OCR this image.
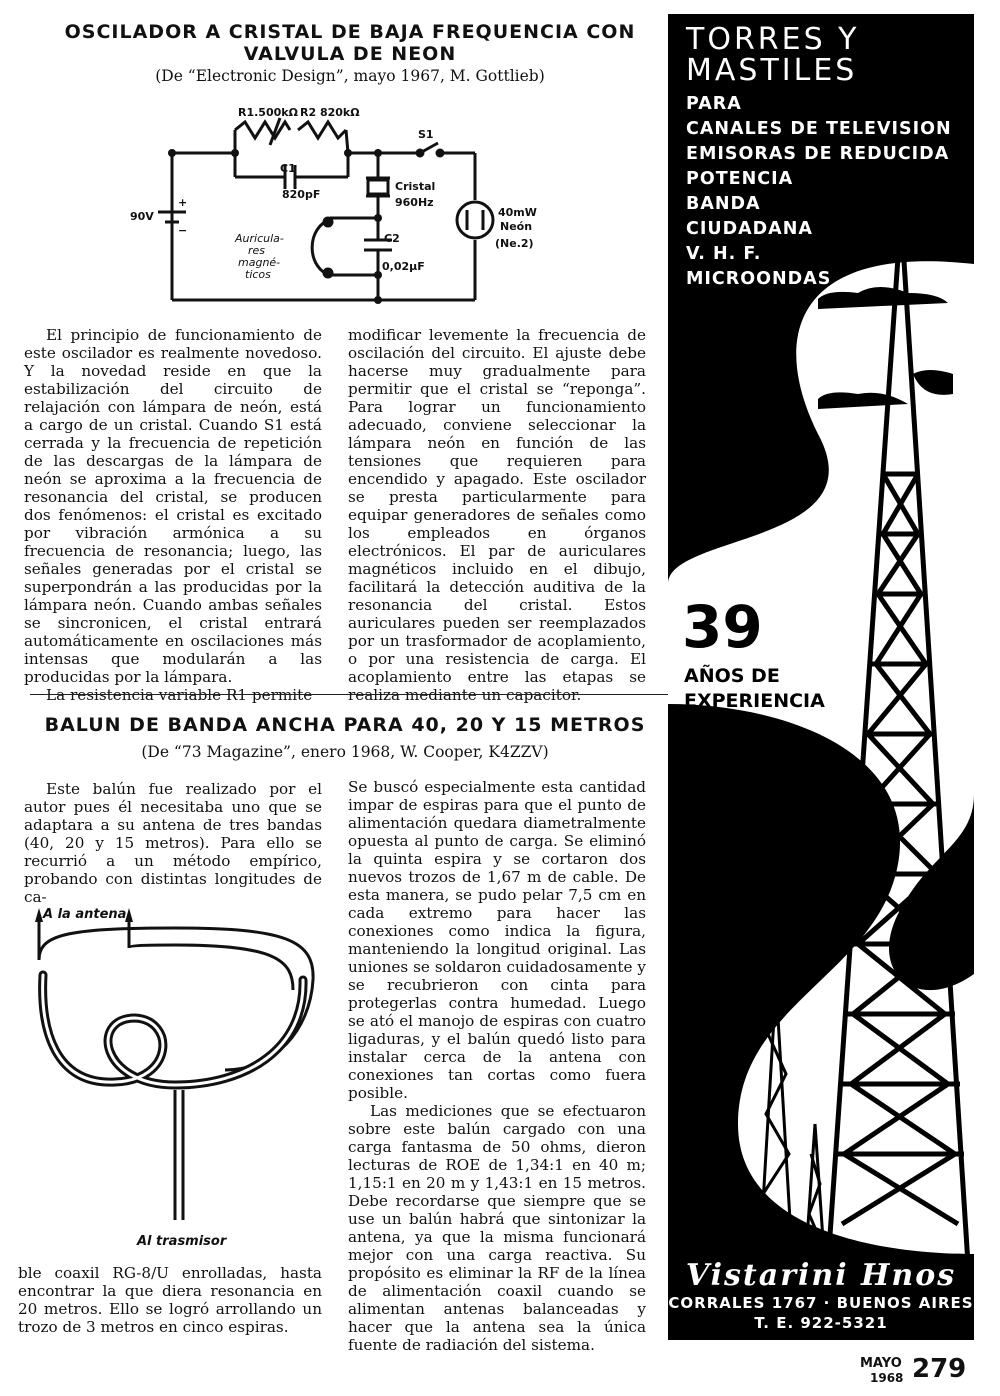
OSCILADOR A CRISTAL DE BAJA FREQUENCIA CON
VALVULA DE NEON
(De “Electronic Design”, mayo 1967, M. Gottlieb)
R1.500kΩ R2 820kΩ
S1
C1
820pF
Cristal
960Hz
90V
+
−
40mW
Neón
(Ne.2)
C2
0,02µF
Auricula-
res
magné-
ticos

El principio de funcionamiento de este oscilador es realmente novedoso. Y la novedad reside en que la estabilización del circuito de relajación con lámpara de neón, está a cargo de un cristal. Cuando S1 está cerrada y la frecuencia de repetición de las descargas de la lámpara de neón se aproxima a la frecuencia de resonancia del cristal, se producen dos fenómenos: el cristal es excitado por vibración armónica a su frecuencia de resonancia; luego, las señales generadas por el cristal se superpondrán a las producidas por la lámpara neón. Cuando ambas señales se sincronicen, el cristal entrará automáticamente en oscilaciones más intensas que modularán a las producidas por la lámpara.

La resistencia variable R1 permite

modificar levemente la frecuencia de oscilación del circuito. El ajuste debe hacerse muy gradualmente para permitir que el cristal se “reponga”. Para lograr un funcionamiento adecuado, conviene seleccionar la lámpara neón en función de las tensiones que requieren para encendido y apagado. Este oscilador se presta particularmente para equipar generadores de señales como los empleados en órganos electrónicos. El par de auriculares magnéticos incluido en el dibujo, facilitará la detección auditiva de la resonancia del cristal. Estos auriculares pueden ser reemplazados por un trasformador de acoplamiento, o por una resistencia de carga. El acoplamiento entre las etapas se realiza mediante un capacitor.

BALUN DE BANDA ANCHA PARA 40, 20 Y 15 METROS
(De “73 Magazine”, enero 1968, W. Cooper, K4ZZV)

Este balún fue realizado por el autor pues él necesitaba uno que se adaptara a su antena de tres bandas (40, 20 y 15 metros). Para ello se recurrió a un método empírico, probando con distintas longitudes de ca-

A la antena
Al trasmisor

ble coaxil RG-8/U enrolladas, hasta encontrar la que diera resonancia en 20 metros. Ello se logró arrollando un trozo de 3 metros en cinco espiras.

Se buscó especialmente esta cantidad impar de espiras para que el punto de alimentación quedara diametralmente opuesta al punto de carga. Se eliminó la quinta espira y se cortaron dos nuevos trozos de 1,67 m de cable. De esta manera, se pudo pelar 7,5 cm en cada extremo para hacer las conexiones como indica la figura, manteniendo la longitud original. Las uniones se soldaron cuidadosamente y se recubrieron con cinta para protegerlas contra humedad. Luego se ató el manojo de espiras con cuatro ligaduras, y el balún quedó listo para instalar cerca de la antena con conexiones tan cortas como fuera posible.

Las mediciones que se efectuaron sobre este balún cargado con una carga fantasma de 50 ohms, dieron lecturas de ROE de 1,34:1 en 40 m; 1,15:1 en 20 m y 1,43:1 en 15 metros. Debe recordarse que siempre que se use un balún habrá que sintonizar la antena, ya que la misma funcionará mejor con una carga reactiva. Su propósito es eliminar la RF de la línea de alimentación coaxil cuando se alimentan antenas balanceadas y hacer que la antena sea la única fuente de radiación del sistema.

TORRES Y
MASTILES
PARA
CANALES DE TELEVISION
EMISORAS DE REDUCIDA
POTENCIA
BANDA
CIUDADANA
V. H. F.
MICROONDAS
39
AÑOS DE
EXPERIENCIA
Vistarini Hnos
CORRALES 1767 · BUENOS AIRES
T. E. 922-5321
MAYO
1968 279
